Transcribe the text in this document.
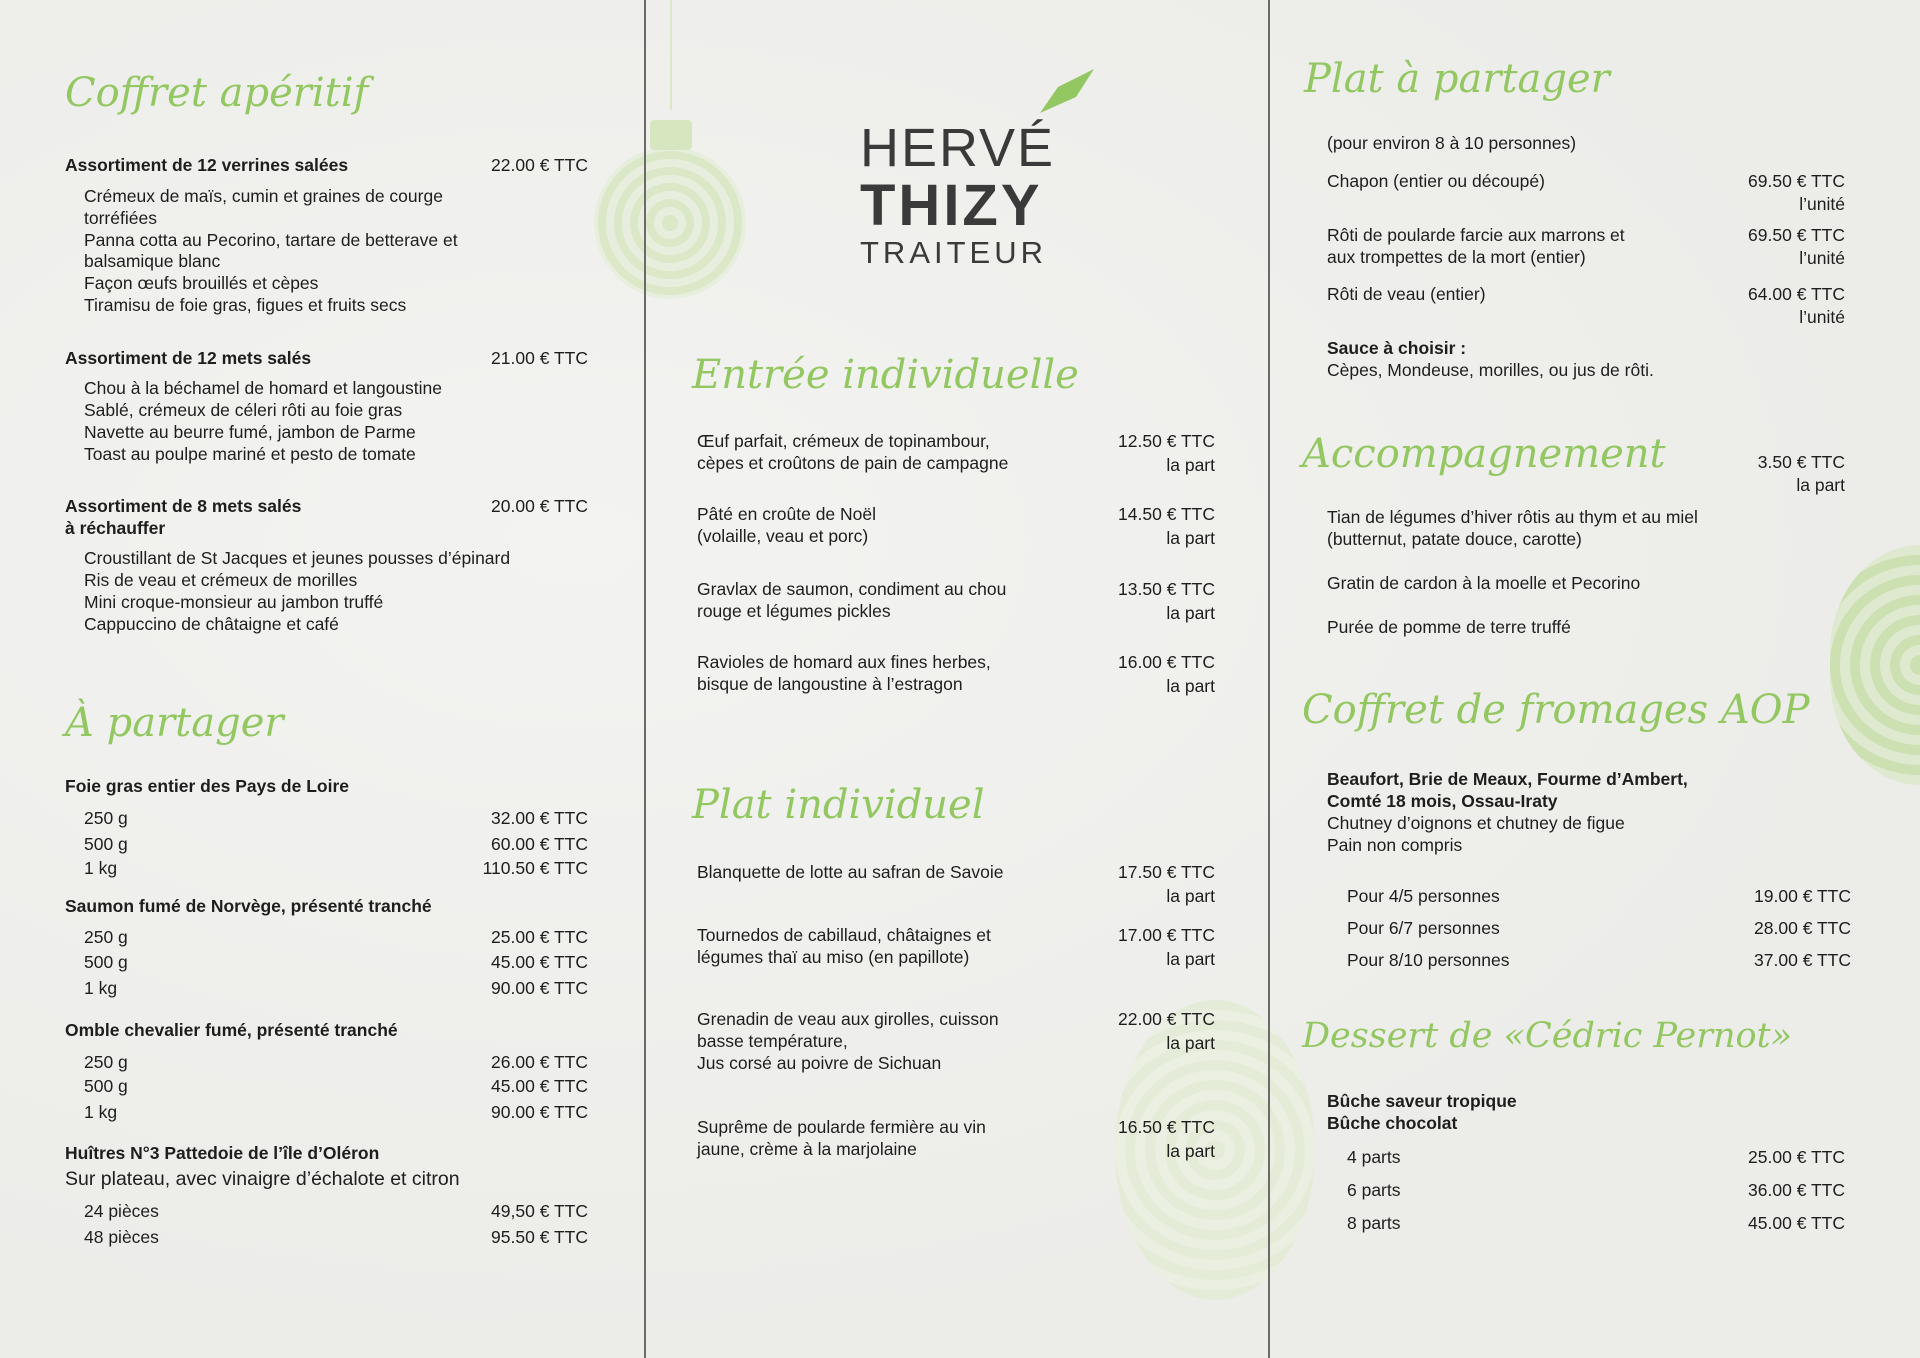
HERVÉ
THIZY
TRAITEUR
Coffret apéritif
Assortiment de 12 verrines salées	22.00 € TTC
Crémeux de maïs, cumin et graines de courge
torréfiées
Panna cotta au Pecorino, tartare de betterave et
balsamique blanc
Façon œufs brouillés et cèpes
Tiramisu de foie gras, figues et fruits secs
Assortiment de 12 mets salés	21.00 € TTC
Chou à la béchamel de homard et langoustine
Sablé, crémeux de céleri rôti au foie gras
Navette au beurre fumé, jambon de Parme
Toast au poulpe mariné et pesto de tomate
Assortiment de 8 mets salés
à réchauffer
20.00 € TTC
Croustillant de St Jacques et jeunes pousses d’épinard
Ris de veau et crémeux de morilles
Mini croque-monsieur au jambon truffé
Cappuccino de châtaigne et café
À partager
Foie gras entier des Pays de Loire
250 g	32.00 € TTC
500 g	60.00 € TTC
1 kg	110.50 € TTC
Saumon fumé de Norvège, présenté tranché
250 g	25.00 € TTC
500 g	45.00 € TTC
1 kg	90.00 € TTC
Omble chevalier fumé, présenté tranché
250 g	26.00 € TTC
500 g	45.00 € TTC
1 kg	90.00 € TTC
Huîtres N°3 Pattedoie de l’île d’Oléron
Sur plateau, avec vinaigre d’échalote et citron
24 pièces	49,50 € TTC
48 pièces	95.50 € TTC
Entrée individuelle
Œuf parfait, crémeux de topinambour,
cèpes et croûtons de pain de campagne
12.50 € TTC
la part
Pâté en croûte de Noël
(volaille, veau et porc)
14.50 € TTC
la part
Gravlax de saumon, condiment au chou
rouge et légumes pickles
13.50 € TTC
la part
Ravioles de homard aux fines herbes,
bisque de langoustine à l’estragon
16.00 € TTC
la part
Plat individuel
Blanquette de lotte au safran de Savoie	17.50 € TTC
la part
Tournedos de cabillaud, châtaignes et
légumes thaï au miso (en papillote)
17.00 € TTC
la part
Grenadin de veau aux girolles, cuisson
basse température,
Jus corsé au poivre de Sichuan
22.00 € TTC
la part
Suprême de poularde fermière au vin
jaune, crème à la marjolaine
16.50 € TTC
la part
Plat à partager
(pour environ 8 à 10 personnes)
Chapon (entier ou découpé)	69.50 € TTC
l’unité
Rôti de poularde farcie aux marrons et
aux trompettes de la mort (entier)
69.50 € TTC
l’unité
Rôti de veau (entier)	64.00 € TTC
l’unité
Sauce à choisir :
Cèpes, Mondeuse, morilles, ou jus de rôti.
Accompagnement	3.50 € TTC
la part
Tian de légumes d’hiver rôtis au thym et au miel
(butternut, patate douce, carotte)
Gratin de cardon à la moelle et Pecorino
Purée de pomme de terre truffé
Coffret de fromages AOP
Beaufort, Brie de Meaux, Fourme d’Ambert,
Comté 18 mois, Ossau-Iraty
Chutney d’oignons et chutney de figue
Pain non compris
Pour 4/5 personnes	19.00 € TTC
Pour 6/7 personnes	28.00 € TTC
Pour 8/10 personnes	37.00 € TTC
Dessert de «Cédric Pernot»
Bûche saveur tropique
Bûche chocolat
4 parts	25.00 € TTC
6 parts	36.00 € TTC
8 parts	45.00 € TTC
